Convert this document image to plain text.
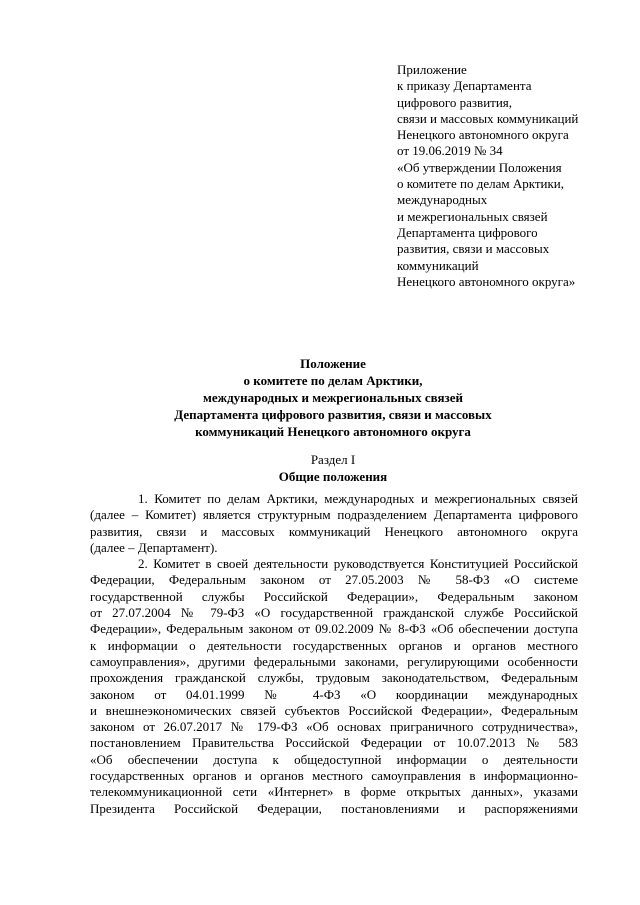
Приложение
к приказу Департамента
цифрового развития,
связи и массовых коммуникаций
Ненецкого автономного округа
от 19.06.2019 № 34
«Об утверждении Положения
о комитете по делам Арктики,
международных
и межрегиональных связей
Департамента цифрового
развития, связи и массовых
коммуникаций
Ненецкого автономного округа»
Положение
о комитете по делам Арктики,
международных и межрегиональных связей
Департамента цифрового развития, связи и массовых
коммуникаций Ненецкого автономного округа
Раздел I
Общие положения
1. Комитет по делам Арктики, международных и межрегиональных связей
(далее – Комитет) является структурным подразделением Департамента цифрового
развития, связи и массовых коммуникаций Ненецкого автономного округа
(далее – Департамент).
2. Комитет в своей деятельности руководствуется Конституцией Российской
Федерации, Федеральным законом от 27.05.2003 № 58-ФЗ «О системе
государственной службы Российской Федерации», Федеральным законом
от 27.07.2004 № 79-ФЗ «О государственной гражданской службе Российской
Федерации», Федеральным законом от 09.02.2009 № 8-ФЗ «Об обеспечении доступа
к информации о деятельности государственных органов и органов местного
самоуправления», другими федеральными законами, регулирующими особенности
прохождения гражданской службы, трудовым законодательством, Федеральным
законом от 04.01.1999 № 4-ФЗ «О координации международных
и внешнеэкономических связей субъектов Российской Федерации», Федеральным
законом от 26.07.2017 № 179-ФЗ «Об основах приграничного сотрудничества»,
постановлением Правительства Российской Федерации от 10.07.2013 № 583
«Об обеспечении доступа к общедоступной информации о деятельности
государственных органов и органов местного самоуправления в информационно-
телекоммуникационной сети «Интернет» в форме открытых данных», указами
Президента Российской Федерации, постановлениями и распоряжениями
